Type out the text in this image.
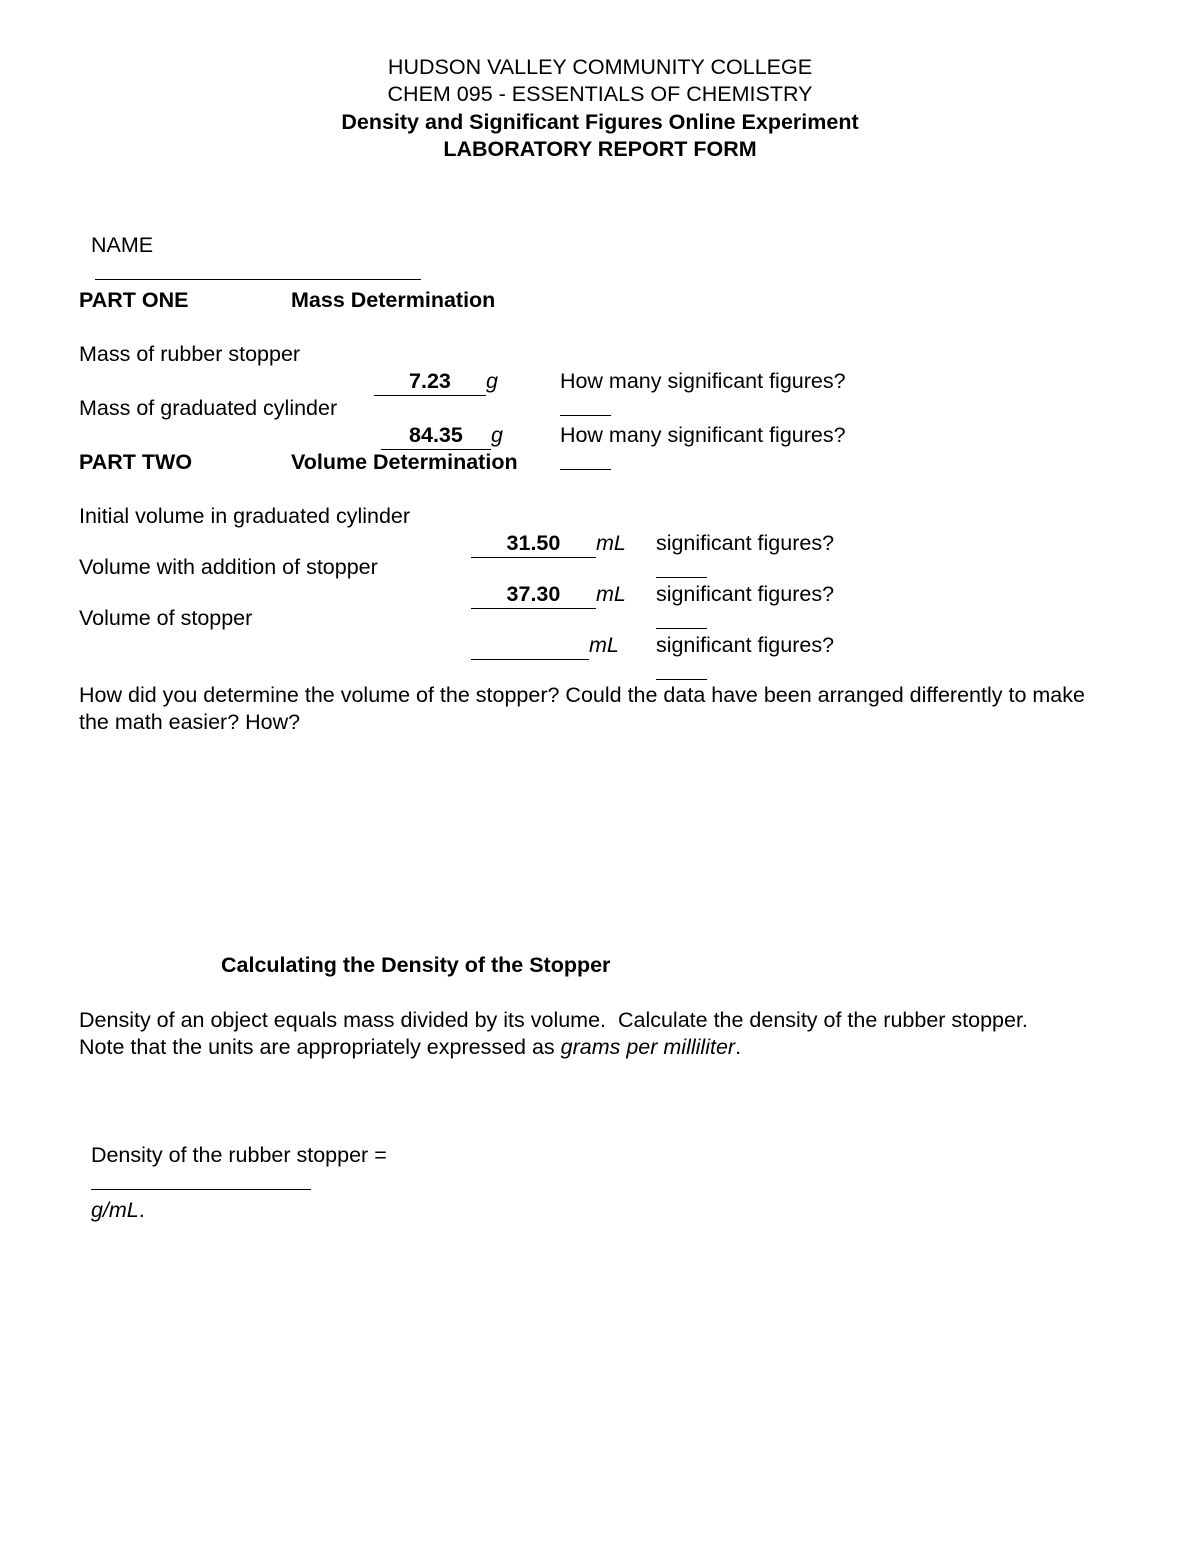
HUDSON VALLEY COMMUNITY COLLEGE
CHEM 095 - ESSENTIALS OF CHEMISTRY
Density and Significant Figures Online Experiment
LABORATORY REPORT FORM

NAME

PART ONE	Mass Determination
Mass of rubber stopper

7.23 g	How many significant figures?

Mass of graduated cylinder

84.35 g	How many significant figures?

PART TWO	Volume Determination
Initial volume in graduated cylinder

31.50 mL	significant figures?

Volume with addition of stopper

37.30 mL	significant figures?

Volume of stopper

mL	significant figures?

How did you determine the volume of the stopper? Could the data have been arranged differently to make the math easier? How?
Calculating the Density of the Stopper
Density of an object equals mass divided by its volume.  Calculate the density of the rubber stopper.
Note that the units are appropriately expressed as grams per milliliter.

Density of the rubber stopper =

g/mL.
